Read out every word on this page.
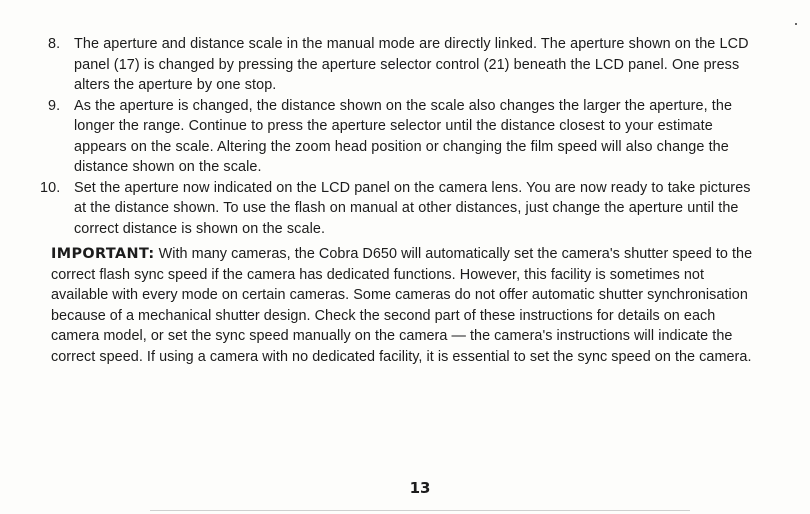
8. The aperture and distance scale in the manual mode are directly linked. The aperture shown on the LCD panel (17) is changed by pressing the aperture selector control (21) beneath the LCD panel. One press alters the aperture by one stop.
9. As the aperture is changed, the distance shown on the scale also changes the larger the aperture, the longer the range. Continue to press the aperture selector until the distance closest to your estimate appears on the scale. Altering the zoom head position or changing the film speed will also change the distance shown on the scale.
10. Set the aperture now indicated on the LCD panel on the camera lens. You are now ready to take pictures at the distance shown. To use the flash on manual at other distances, just change the aperture until the correct distance is shown on the scale.

IMPORTANT: With many cameras, the Cobra D650 will automatically set the camera's shutter speed to the correct flash sync speed if the camera has dedicated functions. However, this facility is sometimes not available with every mode on certain cameras. Some cameras do not offer automatic shutter synchronisation because of a mechanical shutter design. Check the second part of these instructions for details on each camera model, or set the sync speed manually on the camera — the camera's instructions will indicate the correct speed. If using a camera with no dedicated facility, it is essential to set the sync speed on the camera.

13
